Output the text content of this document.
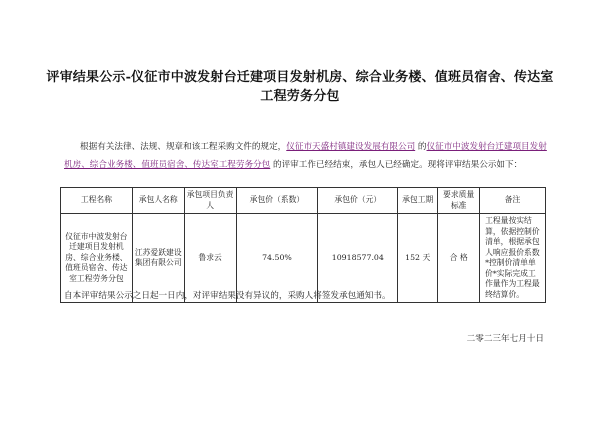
评审结果公示-仪征市中波发射台迁建项目发射机房、综合业务楼、值班员宿舍、传达室
工程劳务分包
根据有关法律、法规、规章和该工程采购文件的规定，仪征市天盛村镇建设发展有限公司 的仪征市中波发射台迁建项目发射机房、综合业务楼、值班员宿舍、传达室工程劳务分包 的评审工作已经结束，承包人已经确定。现将评审结果公示如下：
工程名称	承包人名称	承包项目负责人	承包价（系数）	承包价（元）	承包工期	要求质量标准	备注
仪征市中波发射台迁建项目发射机房、综合业务楼、值班员宿舍、传达室工程劳务分包	江苏爱跃建设集团有限公司	鲁求云	74.50%	10918577.04	152 天	合 格	工程量按实结算，依据控制价清单，根据承包人响应报价系数*控制价清单单价*实际完成工作量作为工程最终结算价。
自本评审结果公示之日起一日内，对评审结果没有异议的，采购人将签发承包通知书。
二零二三年七月十日
